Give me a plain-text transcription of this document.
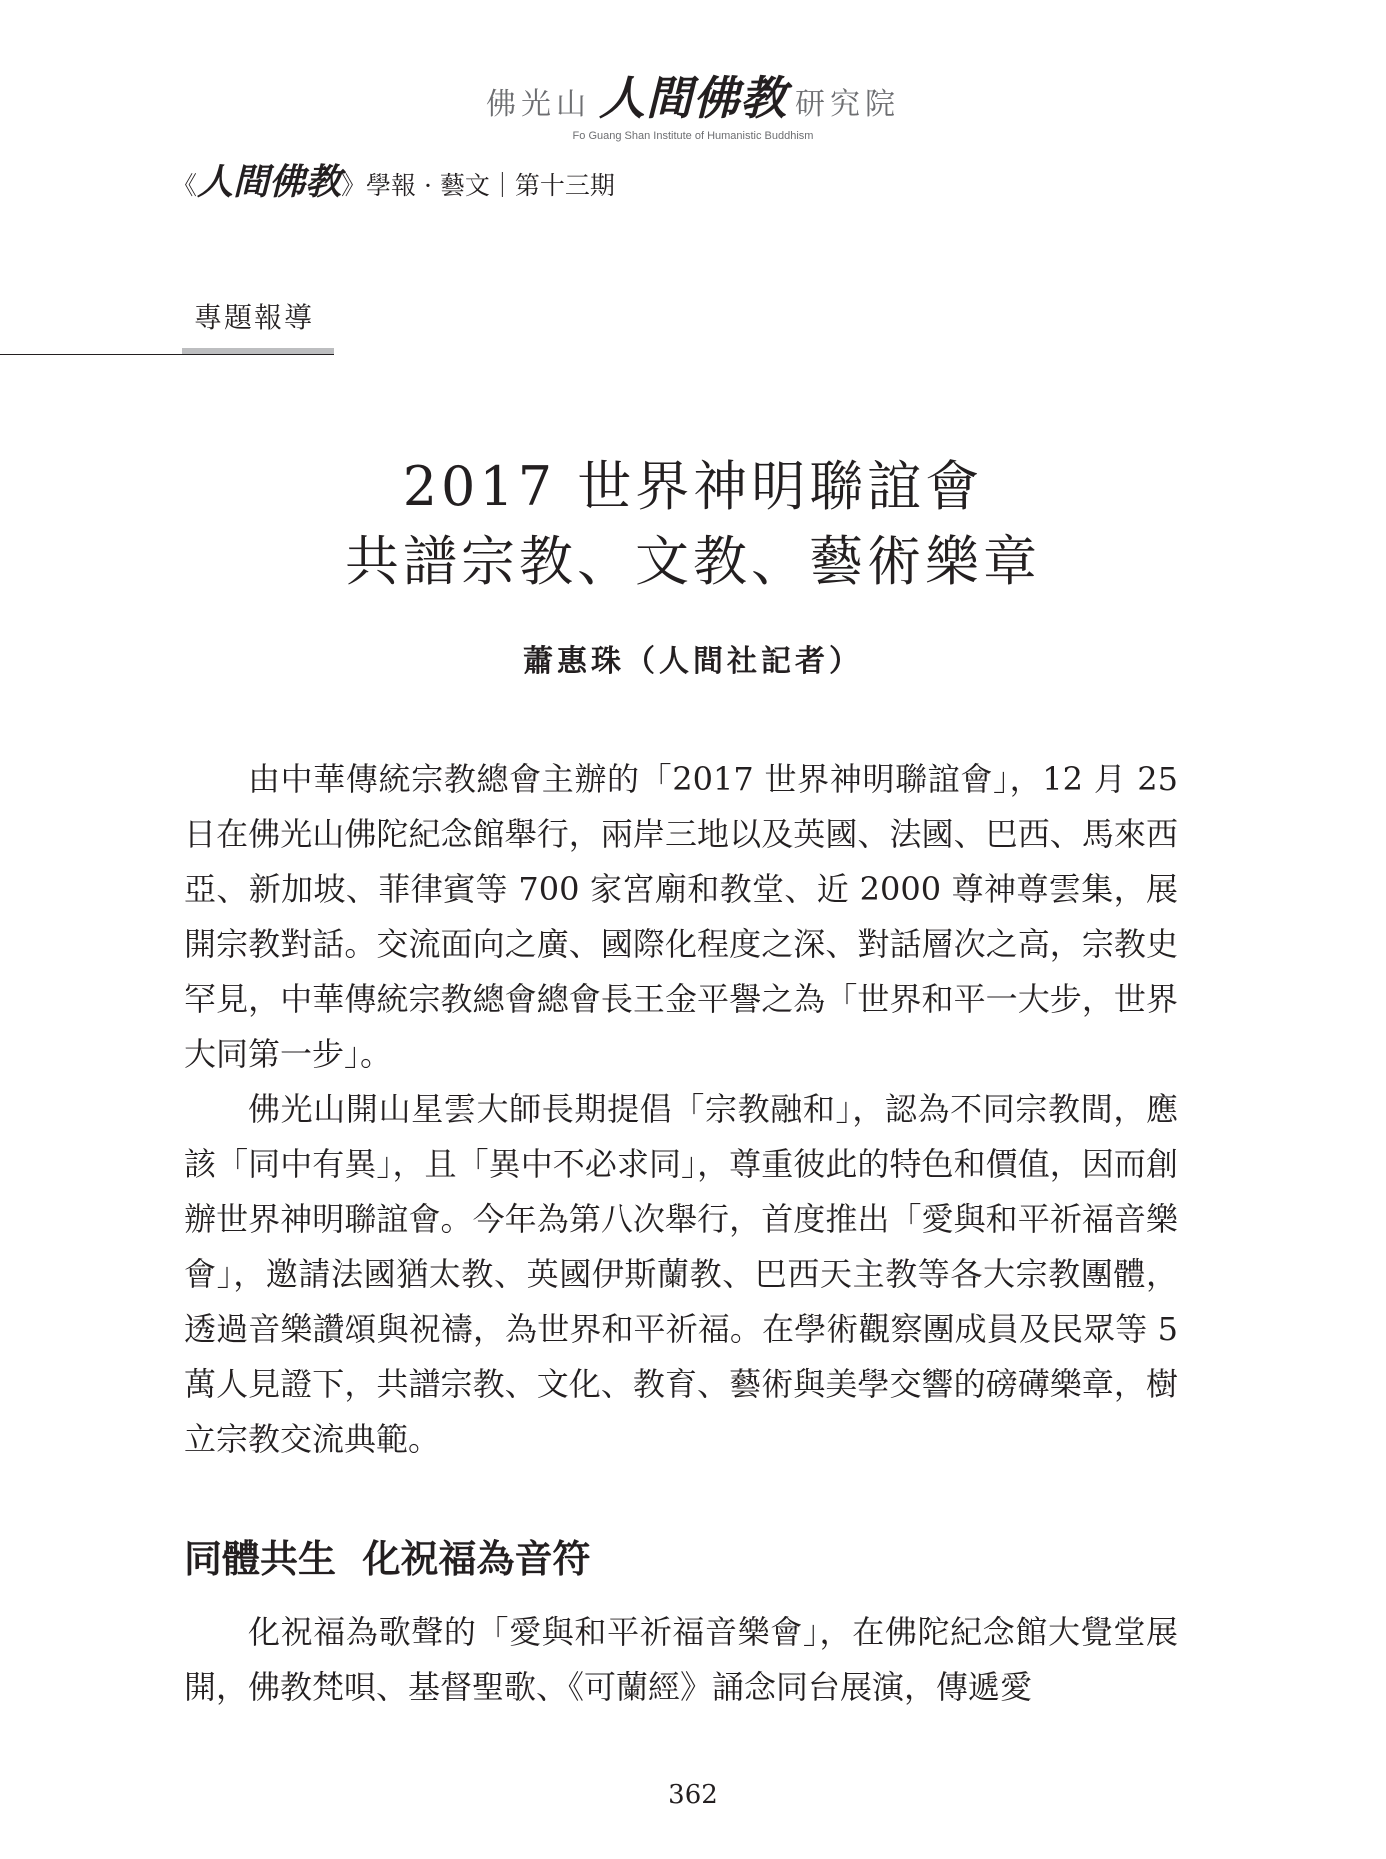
佛光山 人間佛教 研究院
Fo Guang Shan Institute of Humanistic Buddhism
《人間佛教》學報 · 藝文｜第十三期
專題報導
2017 世界神明聯誼會
共譜宗教、文教、藝術樂章
蕭惠珠（人間社記者）

由中華傳統宗教總會主辦的「2017 世界神明聯誼會」，12 月 25 日在佛光山佛陀紀念館舉行，兩岸三地以及英國、法國、巴西、馬來西亞、新加坡、菲律賓等 700 家宮廟和教堂、近 2000 尊神尊雲集，展開宗教對話。交流面向之廣、國際化程度之深、對話層次之高，宗教史罕見，中華傳統宗教總會總會長王金平譽之為「世界和平一大步，世界大同第一步」。

佛光山開山星雲大師長期提倡「宗教融和」，認為不同宗教間，應該「同中有異」，且「異中不必求同」，尊重彼此的特色和價值，因而創辦世界神明聯誼會。今年為第八次舉行，首度推出「愛與和平祈福音樂會」，邀請法國猶太教、英國伊斯蘭教、巴西天主教等各大宗教團體，透過音樂讚頌與祝禱，為世界和平祈福。在學術觀察團成員及民眾等 5 萬人見證下，共譜宗教、文化、教育、藝術與美學交響的磅礡樂章，樹立宗教交流典範。

同體共生  化祝福為音符

化祝福為歌聲的「愛與和平祈福音樂會」，在佛陀紀念館大覺堂展開，佛教梵唄、基督聖歌、《可蘭經》誦念同台展演，傳遞愛

362
